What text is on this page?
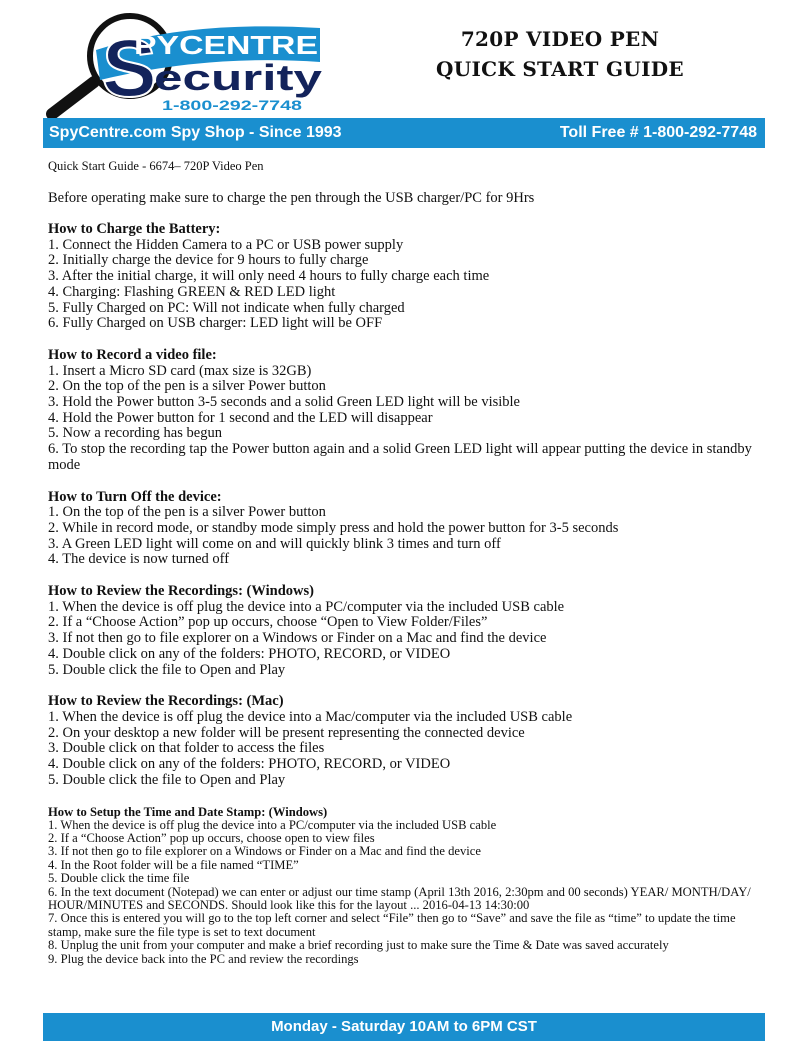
S
PYCENTRE
ecurity
1-800-292-7748
720P VIDEO PEN
QUICK START GUIDE
SpyCentre.com Spy Shop - Since 1993	Toll Free # 1-800-292-7748

Quick Start Guide - 6674– 720P Video Pen

Before operating make sure to charge the pen through the USB charger/PC for 9Hrs

How to Charge the Battery:
1. Connect the Hidden Camera to a PC or USB power supply
2. Initially charge the device for 9 hours to fully charge
3. After the initial charge, it will only need 4 hours to fully charge each time
4. Charging: Flashing GREEN & RED LED light
5. Fully Charged on PC: Will not indicate when fully charged
6. Fully Charged on USB charger: LED light will be OFF
How to Record a video file:
1. Insert a Micro SD card (max size is 32GB)
2. On the top of the pen is a silver Power button
3. Hold the Power button 3-5 seconds and a solid Green LED light will be visible
4. Hold the Power button for 1 second and the LED will disappear
5. Now a recording has begun
6. To stop the recording tap the Power button again and a solid Green LED light will appear putting the device in standby mode
How to Turn Off the device:
1. On the top of the pen is a silver Power button
2. While in record mode, or standby mode simply press and hold the power button for 3-5 seconds
3. A Green LED light will come on and will quickly blink 3 times and turn off
4. The device is now turned off
How to Review the Recordings: (Windows)
1. When the device is off plug the device into a PC/computer via the included USB cable
2. If a “Choose Action” pop up occurs, choose “Open to View Folder/Files”
3. If not then go to file explorer on a Windows or Finder on a Mac and find the device
4. Double click on any of the folders: PHOTO, RECORD, or VIDEO
5. Double click the file to Open and Play
How to Review the Recordings: (Mac)
1. When the device is off plug the device into a Mac/computer via the included USB cable
2. On your desktop a new folder will be present representing the connected device
3. Double click on that folder to access the files
4. Double click on any of the folders: PHOTO, RECORD, or VIDEO
5. Double click the file to Open and Play
How to Setup the Time and Date Stamp: (Windows)
1. When the device is off plug the device into a PC/computer via the included USB cable
2. If a “Choose Action” pop up occurs, choose open to view files
3. If not then go to file explorer on a Windows or Finder on a Mac and find the device
4. In the Root folder will be a file named “TIME”
5. Double click the time file
6. In the text document (Notepad) we can enter or adjust our time stamp (April 13th 2016, 2:30pm and 00 seconds) YEAR/ MONTH/DAY/ HOUR/MINUTES and SECONDS. Should look like this for the layout ... 2016-04-13 14:30:00
7. Once this is entered you will go to the top left corner and select “File” then go to “Save” and save the file as “time” to update the time stamp, make sure the file type is set to text document
8. Unplug the unit from your computer and make a brief recording just to make sure the Time & Date was saved accurately
9. Plug the device back into the PC and review the recordings
Monday - Saturday 10AM to 6PM CST
